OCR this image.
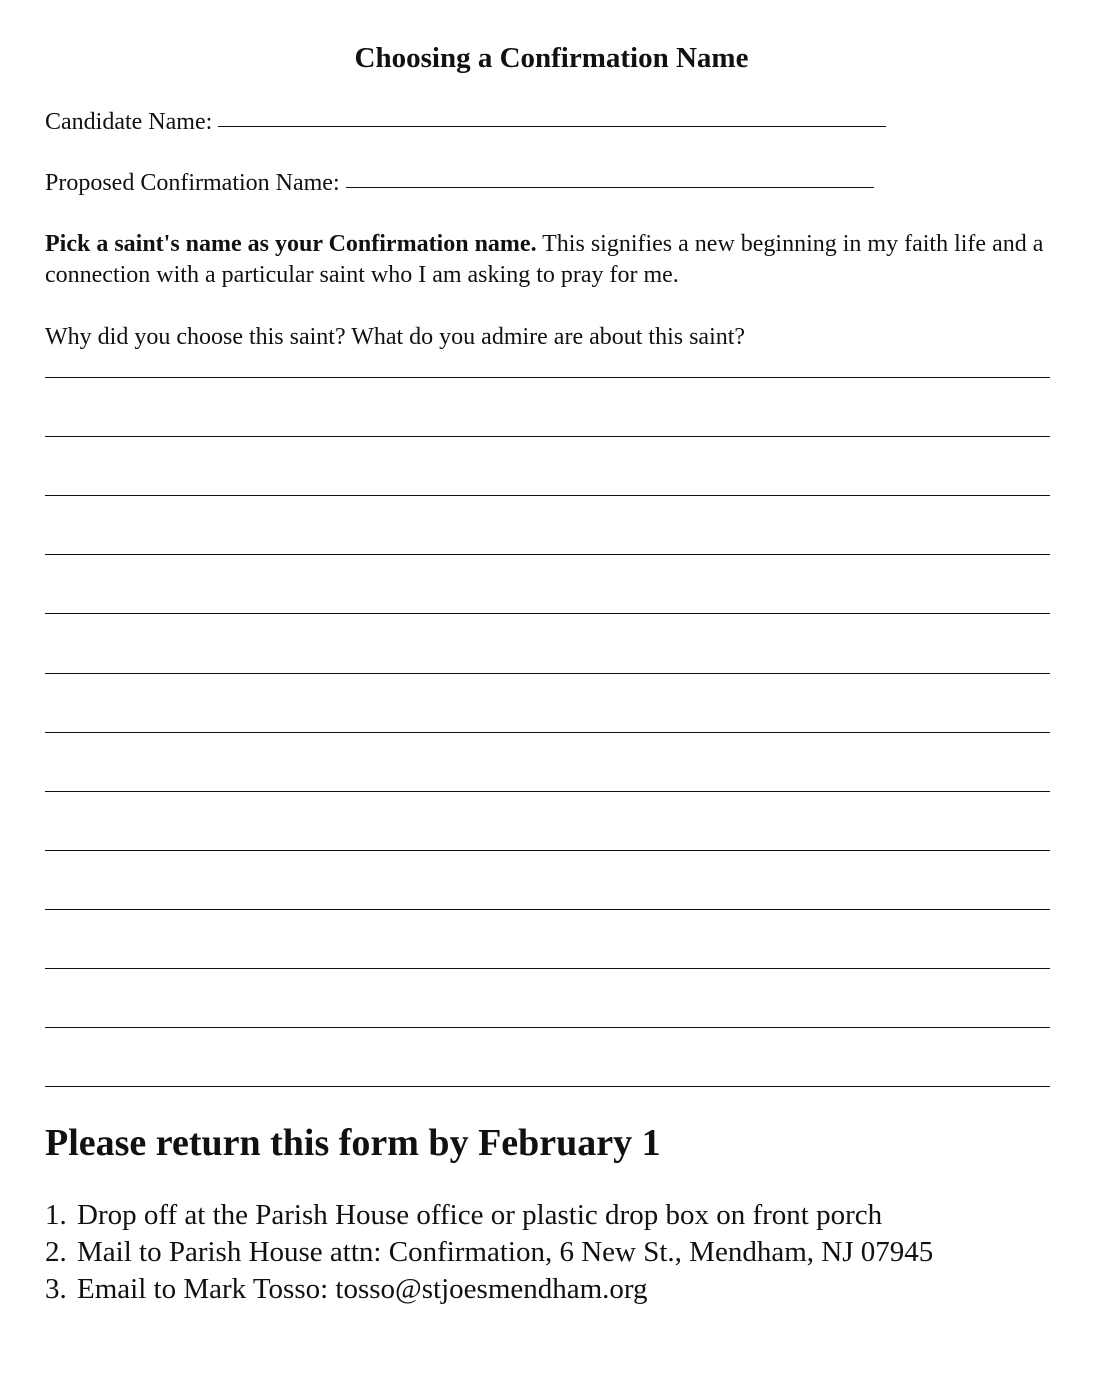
Choosing a Confirmation Name
Candidate Name:
Proposed Confirmation Name:

Pick a saint's name as your Confirmation name. This signifies a new beginning in my faith life and a connection with a particular saint who I am asking to pray for me.

Why did you choose this saint? What do you admire are about this saint?

Please return this form by February 1
1. Drop off at the Parish House office or plastic drop box on front porch
2. Mail to Parish House attn: Confirmation, 6 New St., Mendham, NJ 07945
3. Email to Mark Tosso: tosso@stjoesmendham.org
